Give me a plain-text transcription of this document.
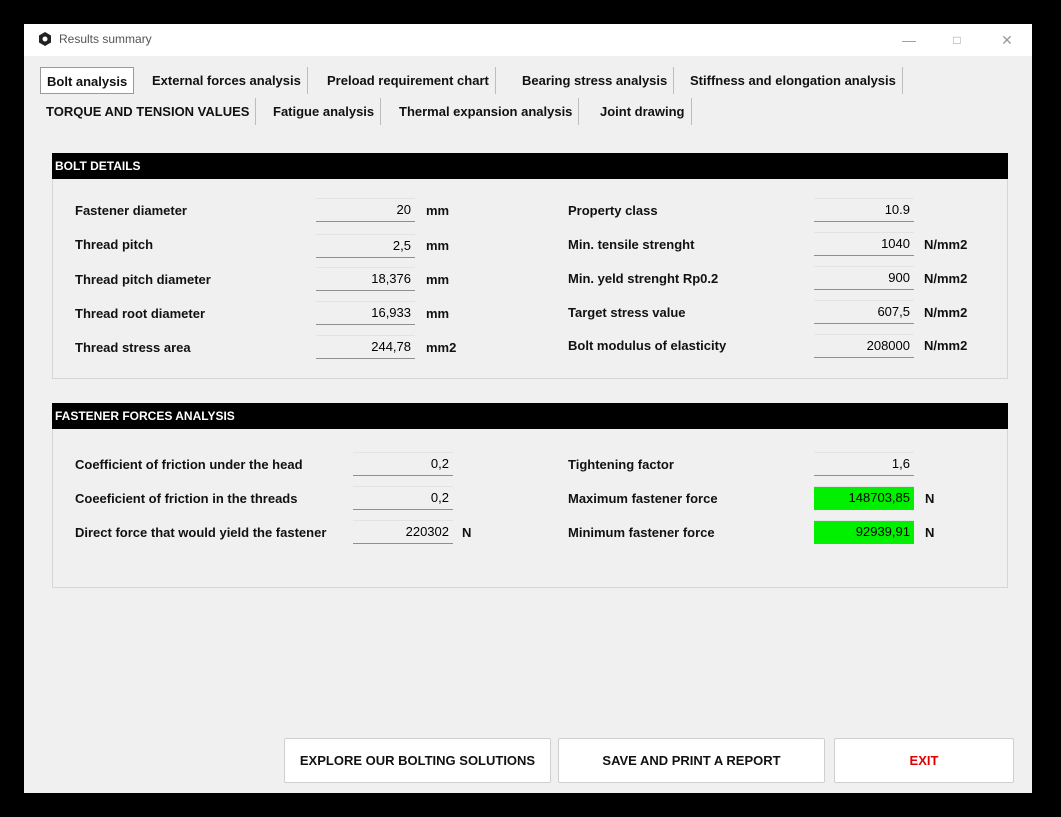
Results summary	—	□	✕
Bolt analysis	External forces analysis	Preload requirement chart	Bearing stress analysis	Stiffness and elongation analysis
TORQUE AND TENSION VALUES	Fatigue analysis	Thermal expansion analysis	Joint drawing
BOLT DETAILS
Fastener diameter	20	mm
Thread pitch	2,5	mm
Thread pitch diameter	18,376	mm
Thread root diameter	16,933	mm
Thread stress area	244,78	mm2
Property class	10.9
Min. tensile strenght	1040	N/mm2
Min. yeld strenght Rp0.2	900	N/mm2
Target stress value	607,5	N/mm2
Bolt modulus of elasticity	208000	N/mm2
FASTENER FORCES ANALYSIS
Coefficient of friction under the head	0,2
Coeeficient of friction in the threads	0,2
Direct force that would yield the fastener	220302	N
Tightening factor	1,6
Maximum fastener force	148703,85	N
Minimum fastener force	92939,91	N
EXPLORE OUR BOLTING SOLUTIONS	SAVE AND PRINT A REPORT	EXIT
